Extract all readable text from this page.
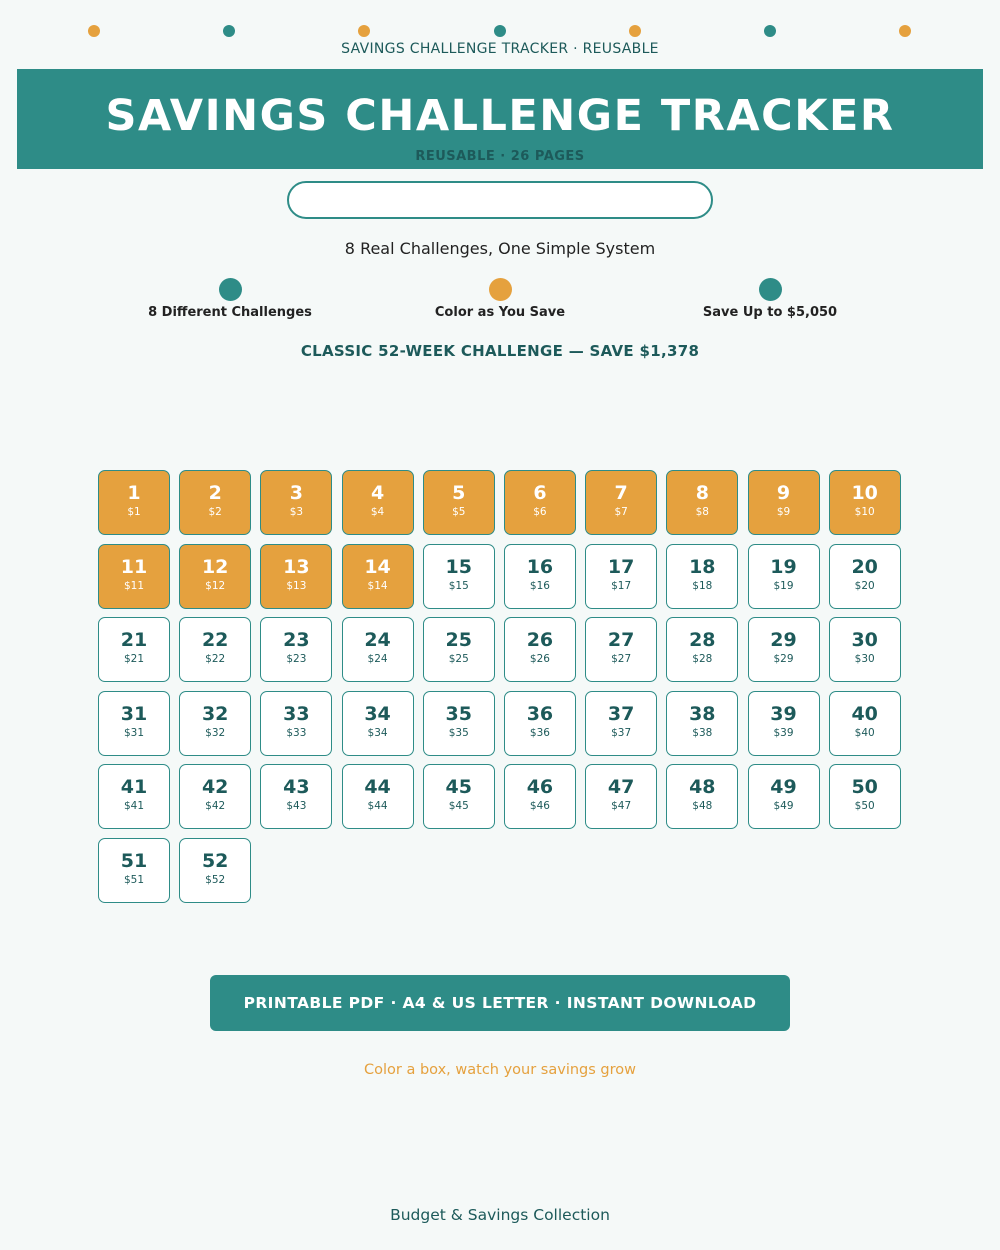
SAVINGS CHALLENGE TRACKER · REUSABLE
SAVINGS CHALLENGE TRACKER
REUSABLE · 26 PAGES
8 Real Challenges, One Simple System
8 Different Challenges	Color as You Save	Save Up to $5,050
CLASSIC 52-WEEK CHALLENGE — SAVE $1,378
1
$1
2
$2
3
$3
4
$4
5
$5
6
$6
7
$7
8
$8
9
$9
10
$10
11
$11
12
$12
13
$13
14
$14
15
$15
16
$16
17
$17
18
$18
19
$19
20
$20
21
$21
22
$22
23
$23
24
$24
25
$25
26
$26
27
$27
28
$28
29
$29
30
$30
31
$31
32
$32
33
$33
34
$34
35
$35
36
$36
37
$37
38
$38
39
$39
40
$40
41
$41
42
$42
43
$43
44
$44
45
$45
46
$46
47
$47
48
$48
49
$49
50
$50
51
$51
52
$52
PRINTABLE PDF · A4 & US LETTER · INSTANT DOWNLOAD
Color a box, watch your savings grow
Budget & Savings Collection
